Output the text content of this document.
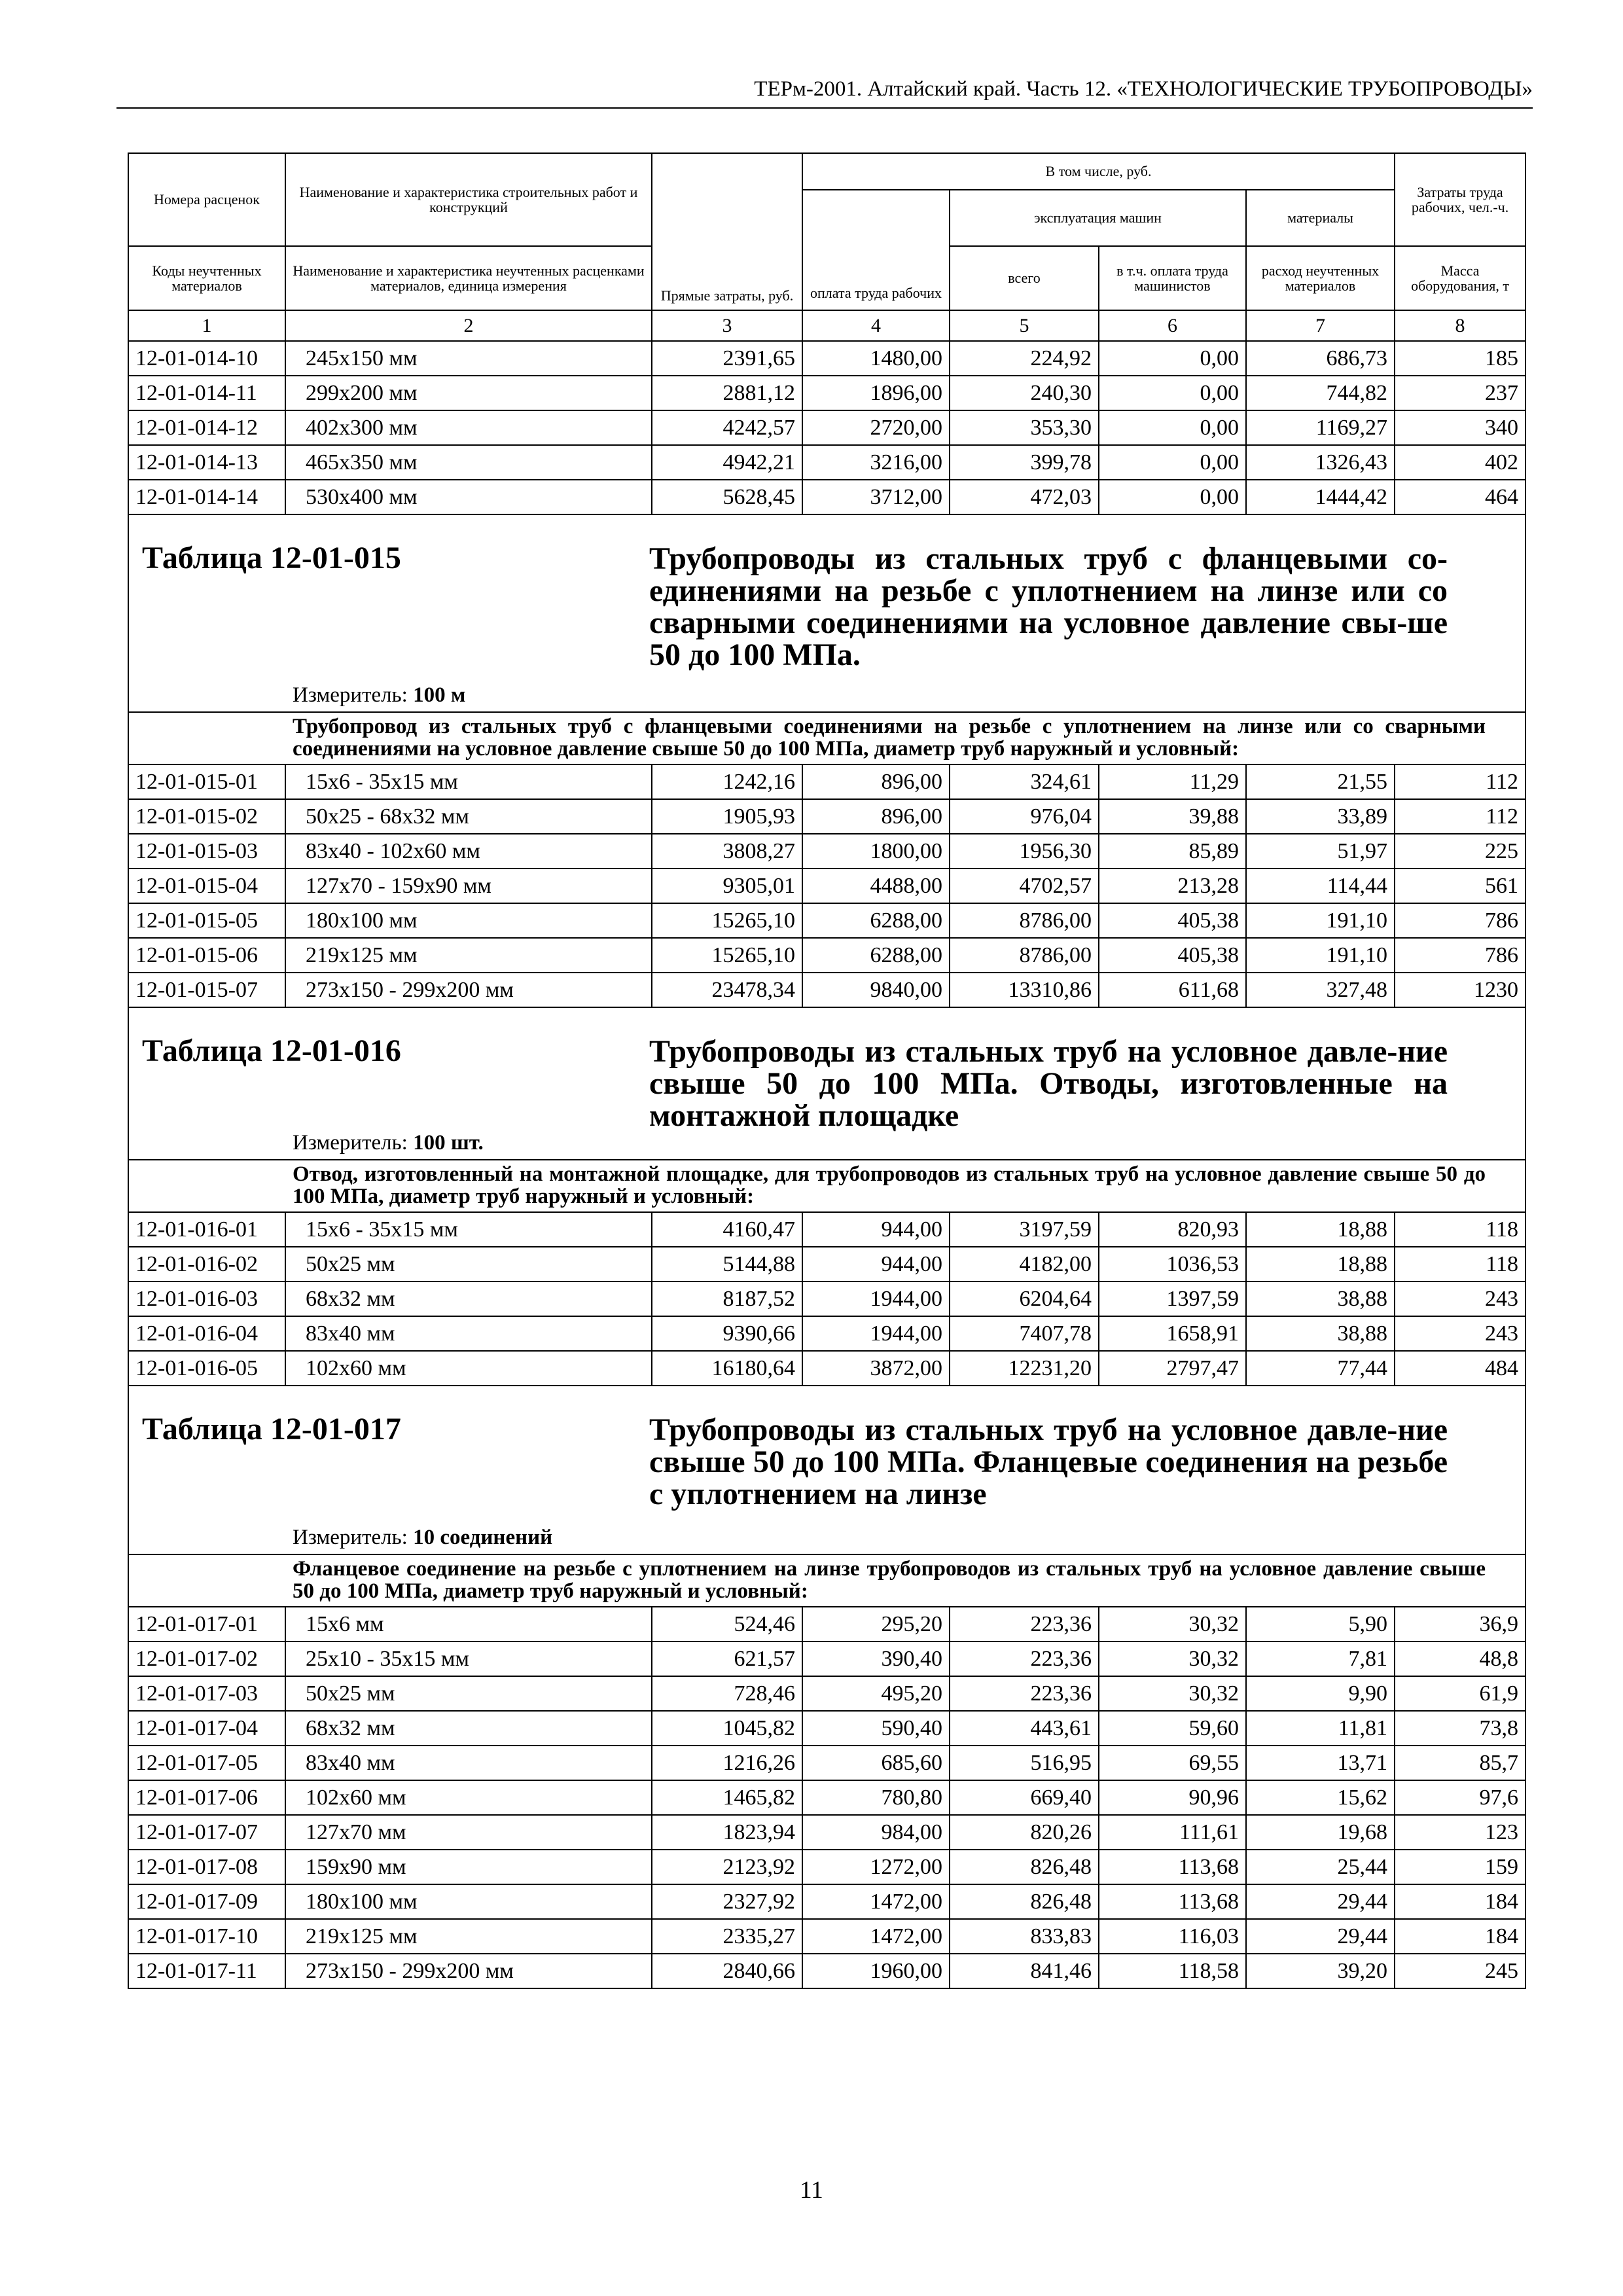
ТЕРм-2001. Алтайский край. Часть 12. «ТЕХНОЛОГИЧЕСКИЕ ТРУБОПРОВОДЫ»
Номера расценок	Наименование и характеристика строительных работ и конструкций	Прямые затраты, руб.	В том числе, руб.				Затраты труда рабочих, чел.-ч.
			оплата труда рабочих	эксплуатация машин		материалы	
Коды неучтенных материалов	Наименование и характеристика неучтенных расценками материалов, единица измерения			всего	в т.ч. оплата труда машинистов	расход неучтенных материалов	Масса оборудования, т
1	2	3	4	5	6	7	8
12-01-014-10	245х150 мм	2391,65	1480,00	224,92	0,00	686,73	185
12-01-014-11	299х200 мм	2881,12	1896,00	240,30	0,00	744,82	237
12-01-014-12	402х300 мм	4242,57	2720,00	353,30	0,00	1169,27	340
12-01-014-13	465х350 мм	4942,21	3216,00	399,78	0,00	1326,43	402
12-01-014-14	530х400 мм	5628,45	3712,00	472,03	0,00	1444,42	464

Таблица 12-01-015 Трубопроводы из стальных труб с фланцевыми со-единениями на резьбе с уплотнением на линзе или со сварными соединениями на условное давление свы-ше 50 до 100 МПа.
Измеритель: 100 м							

Трубопровод из стальных труб с фланцевыми соединениями на резьбе с уплотнением на линзе или со сварными соединениями на условное давление свыше 50 до 100 МПа, диаметр труб наружный и условный:							
12-01-015-01	15х6 - 35х15 мм	1242,16	896,00	324,61	11,29	21,55	112
12-01-015-02	50х25 - 68х32 мм	1905,93	896,00	976,04	39,88	33,89	112
12-01-015-03	83х40 - 102х60 мм	3808,27	1800,00	1956,30	85,89	51,97	225
12-01-015-04	127х70 - 159х90 мм	9305,01	4488,00	4702,57	213,28	114,44	561
12-01-015-05	180х100 мм	15265,10	6288,00	8786,00	405,38	191,10	786
12-01-015-06	219х125 мм	15265,10	6288,00	8786,00	405,38	191,10	786
12-01-015-07	273х150 - 299х200 мм	23478,34	9840,00	13310,86	611,68	327,48	1230

Таблица 12-01-016 Трубопроводы из стальных труб на условное давле-ние свыше 50 до 100 МПа. Отводы, изготовленные на монтажной площадке
Измеритель: 100 шт.							

Отвод, изготовленный на монтажной площадке, для трубопроводов из стальных труб на условное давление свыше 50 до 100 МПа, диаметр труб наружный и условный:							
12-01-016-01	15х6 - 35х15 мм	4160,47	944,00	3197,59	820,93	18,88	118
12-01-016-02	50х25 мм	5144,88	944,00	4182,00	1036,53	18,88	118
12-01-016-03	68х32 мм	8187,52	1944,00	6204,64	1397,59	38,88	243
12-01-016-04	83х40 мм	9390,66	1944,00	7407,78	1658,91	38,88	243
12-01-016-05	102х60 мм	16180,64	3872,00	12231,20	2797,47	77,44	484

Таблица 12-01-017 Трубопроводы из стальных труб на условное давле-ние свыше 50 до 100 МПа. Фланцевые соединения на резьбе с уплотнением на линзе
Измеритель: 10 соединений							

Фланцевое соединение на резьбе с уплотнением на линзе трубопроводов из стальных труб на условное давление свыше 50 до 100 МПа, диаметр труб наружный и условный:							
12-01-017-01	15х6 мм	524,46	295,20	223,36	30,32	5,90	36,9
12-01-017-02	25х10 - 35х15 мм	621,57	390,40	223,36	30,32	7,81	48,8
12-01-017-03	50х25 мм	728,46	495,20	223,36	30,32	9,90	61,9
12-01-017-04	68х32 мм	1045,82	590,40	443,61	59,60	11,81	73,8
12-01-017-05	83х40 мм	1216,26	685,60	516,95	69,55	13,71	85,7
12-01-017-06	102х60 мм	1465,82	780,80	669,40	90,96	15,62	97,6
12-01-017-07	127х70 мм	1823,94	984,00	820,26	111,61	19,68	123
12-01-017-08	159х90 мм	2123,92	1272,00	826,48	113,68	25,44	159
12-01-017-09	180х100 мм	2327,92	1472,00	826,48	113,68	29,44	184
12-01-017-10	219х125 мм	2335,27	1472,00	833,83	116,03	29,44	184
12-01-017-11	273х150 - 299х200 мм	2840,66	1960,00	841,46	118,58	39,20	245
11
